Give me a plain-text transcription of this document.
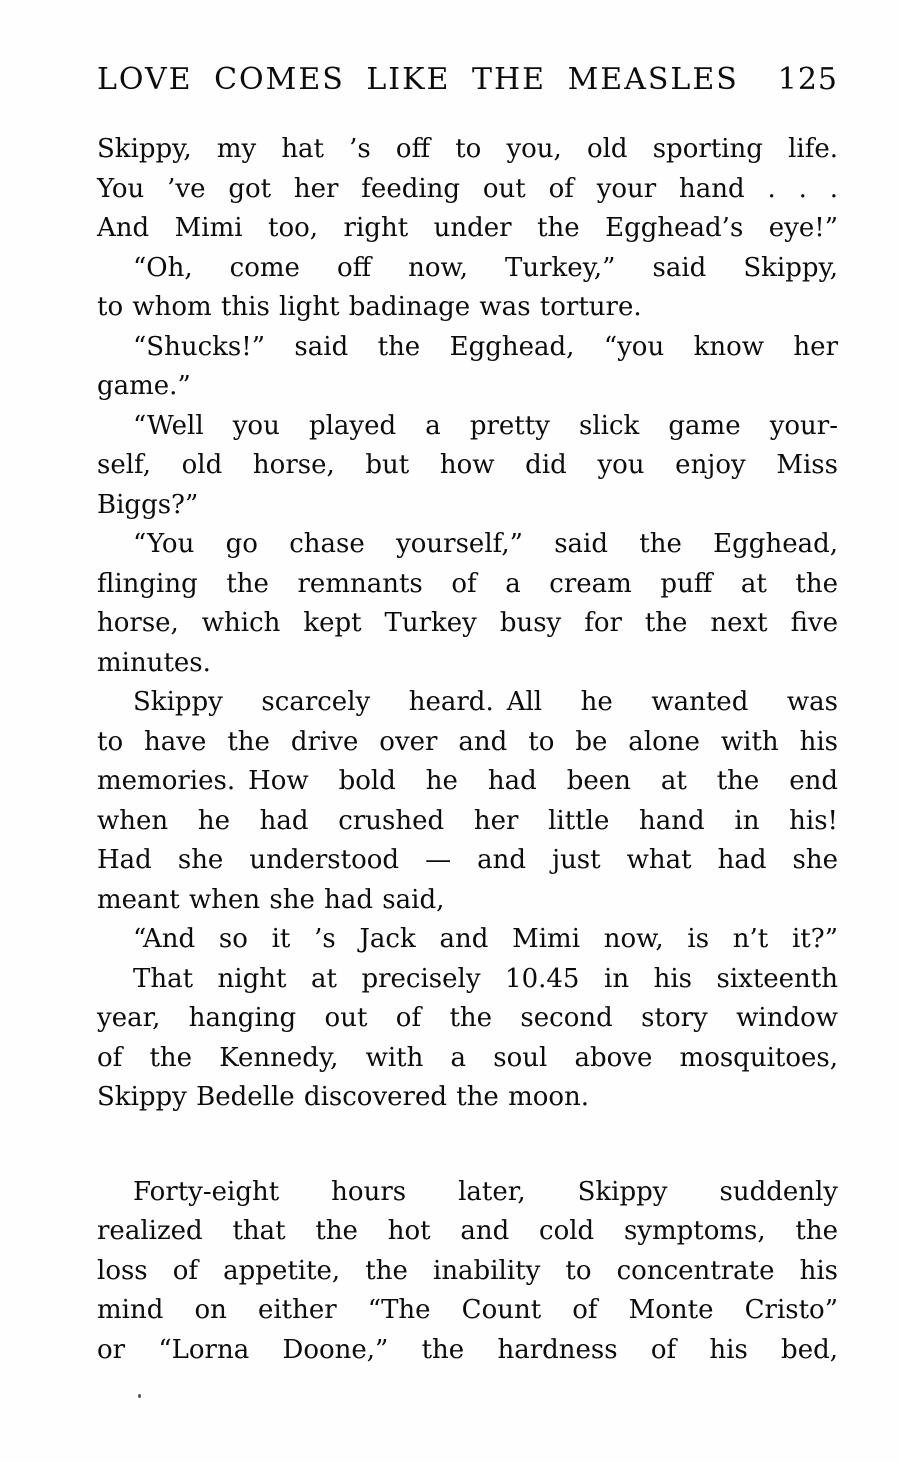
LOVE COMES LIKE THE MEASLES 125
Skippy, my hat ’s off to you, old sporting life.
You ’ve got her feeding out of your hand . . .
And Mimi too, right under the Egghead’s eye!”
“Oh, come off now, Turkey,” said Skippy,
to whom this light badinage was torture.
“Shucks!” said the Egghead, “you know her
game.”
“Well you played a pretty slick game your-
self, old horse, but how did you enjoy Miss
Biggs?”
“You go chase yourself,” said the Egghead,
flinging the remnants of a cream puff at the
horse, which kept Turkey busy for the next five
minutes.
Skippy scarcely heard. All he wanted was
to have the drive over and to be alone with his
memories. How bold he had been at the end
when he had crushed her little hand in his!
Had she understood — and just what had she
meant when she had said,
“And so it ’s Jack and Mimi now, is n’t it?”
That night at precisely 10.45 in his sixteenth
year, hanging out of the second story window
of the Kennedy, with a soul above mosquitoes,
Skippy Bedelle discovered the moon.
Forty-eight hours later, Skippy suddenly
realized that the hot and cold symptoms, the
loss of appetite, the inability to concentrate his
mind on either “The Count of Monte Cristo”
or “Lorna Doone,” the hardness of his bed,
